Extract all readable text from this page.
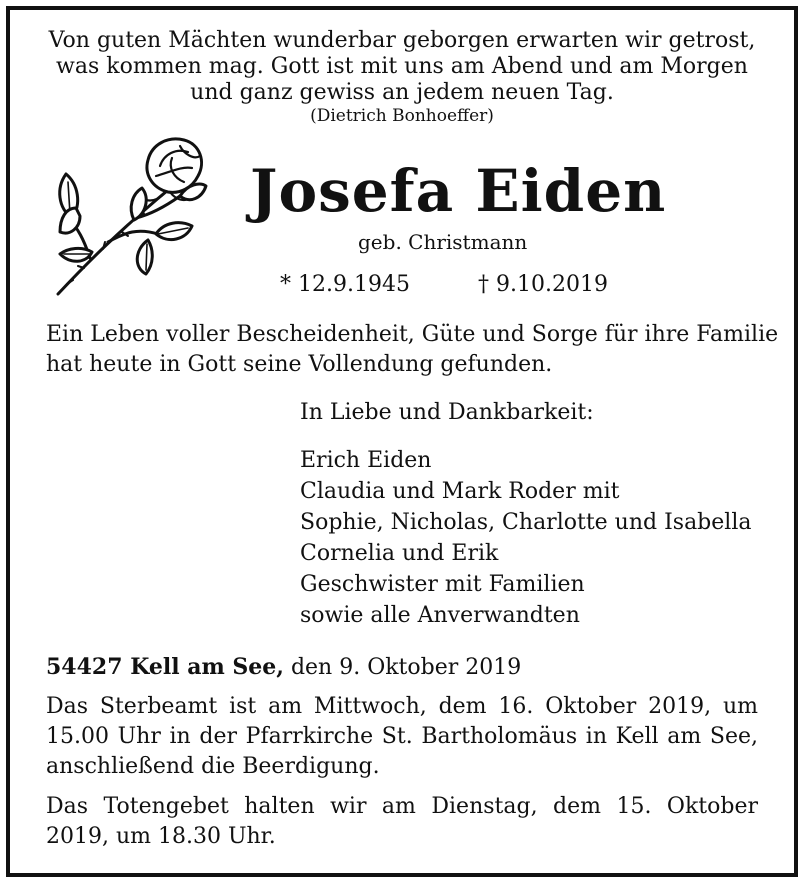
Von guten Mächten wunderbar geborgen erwarten wir getrost,
was kommen mag. Gott ist mit uns am Abend und am Morgen
und ganz gewiss an jedem neuen Tag.
(Dietrich Bonhoeffer)
Josefa Eiden
geb. Christmann
* 12.9.1945	† 9.10.2019
Ein Leben voller Bescheidenheit, Güte und Sorge für ihre Familie
hat heute in Gott seine Vollendung gefunden.
In Liebe und Dankbarkeit:
Erich Eiden
Claudia und Mark Roder mit
Sophie, Nicholas, Charlotte und Isabella
Cornelia und Erik
Geschwister mit Familien
sowie alle Anverwandten
54427 Kell am See, den 9. Oktober 2019
Das Sterbeamt ist am Mittwoch, dem 16. Oktober 2019, um 15.00 Uhr in der Pfarrkirche St. Bartholomäus in Kell am See, anschließend die Beerdigung.
Das Totengebet halten wir am Dienstag, dem 15. Oktober 2019, um 18.30 Uhr.
